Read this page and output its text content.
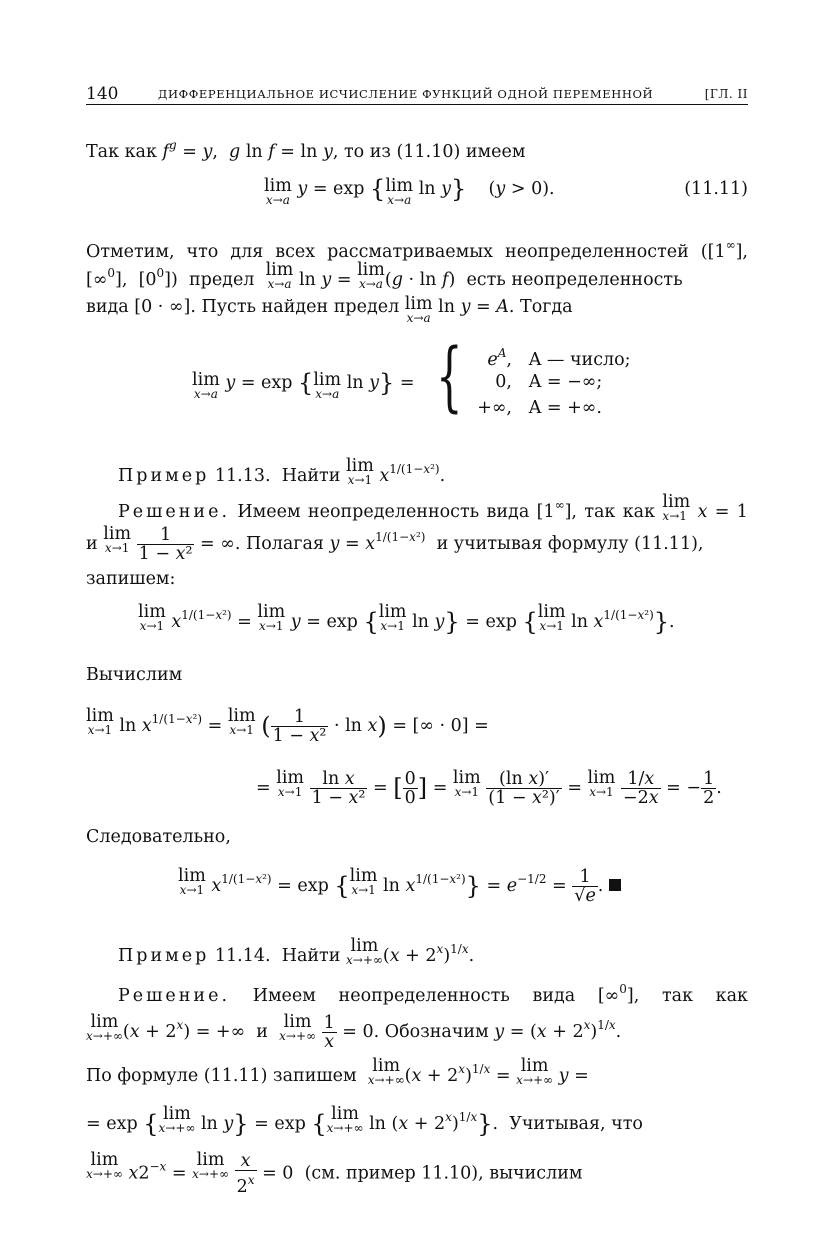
140	ДИФФЕРЕНЦИАЛЬНОЕ ИСЧИСЛЕНИЕ ФУНКЦИЙ ОДНОЙ ПЕРЕМЕННОЙ	[ГЛ. II
Так как $f^g = y$,  g ln f = ln y, то из (11.10) имеем
lim
x→a
y = exp {lim
x→a
ln y}    (y > 0).	(11.11)
Отметим, что для всех рассматриваемых неопределенностей ([1∞],
[∞$^0$],  $[0^0]$)  предел lim
x→a ln y = lim
x→a (g · ln f)  есть неопределенность
вида [0 · ∞]. Пусть найден предел lim
x→a
ln y = A. Тогда
lim
x→a
y = exp {lim
x→a
ln y} = {	$e^A$, A — число;
0, A = −∞;
+∞, A = +∞.
Пример 11.13. Найти lim
x→1 $x^{1/(1-x^2)}$.
Решение. Имеем неопределенность вида [1∞], так как lim
x→1 x = 1
и lim
x→1
$\frac{1}{\text{1 − x²}}$ = ∞. Полагая $y = x^{1/(1-x^2)}$ и учитывая формулу (11.11),
запишем:
lim
x→1 $x^{1/(1-x^2)} = \lim$
x→1 y = exp {lim
x→1 ln y} = exp {lim
x→1 $\ln x^{1/(1-x^2)}$}.
Вычислим
lim
x→1 $\ln x^{1/(1-x^2)} = \lim$
x→1 ( $\frac{1}{\text{1 − x²}} \cdot \ln x$) = [∞ · 0] =
= lim
x→1
$\frac{\text{ln x}}{\text{1 − x²}}$ = [ $\frac{0}{0}$ ] = lim
x→1
$\frac{\text{(ln x)′}}{\text{(1 − x²)′}} = \lim$
x→1
$\frac{1/x}{-2x}$ = − $\frac{1}{2}$ .
Следовательно,
lim
x→1 $x^{1/(1-x^2)} = \exp \{\lim$
x→1 $\ln x^{1/(1-x^2)}\} = e^{-1/2} = \frac{1}{√e}$ .
Пример 11.14. Найти lim
x→+∞ $(x + 2^x)^{1/x}$.
Решение. Имеем неопределенность вида [∞$^0$], так как
lim
x→+∞ $(x + 2^x)$ = +∞  и lim
x→+∞
$\frac{1}{x} = 0$. Обозначим $y = (x + 2^x)^{1/x}$.
По формуле (11.11) запишем lim
x→+∞ $(x + 2^x)^{1/x} = \lim$
x→+∞ y =
= exp { lim
x→+∞ ln y} = exp { lim
x→+∞ $\ln (x + 2^x)^{1/x}$}.  Учитывая, что
lim
x→+∞ $x2^{-x} = \lim$
x→+∞
$\frac{x}{2^x} = 0$  (см. пример 11.10), вычислим
